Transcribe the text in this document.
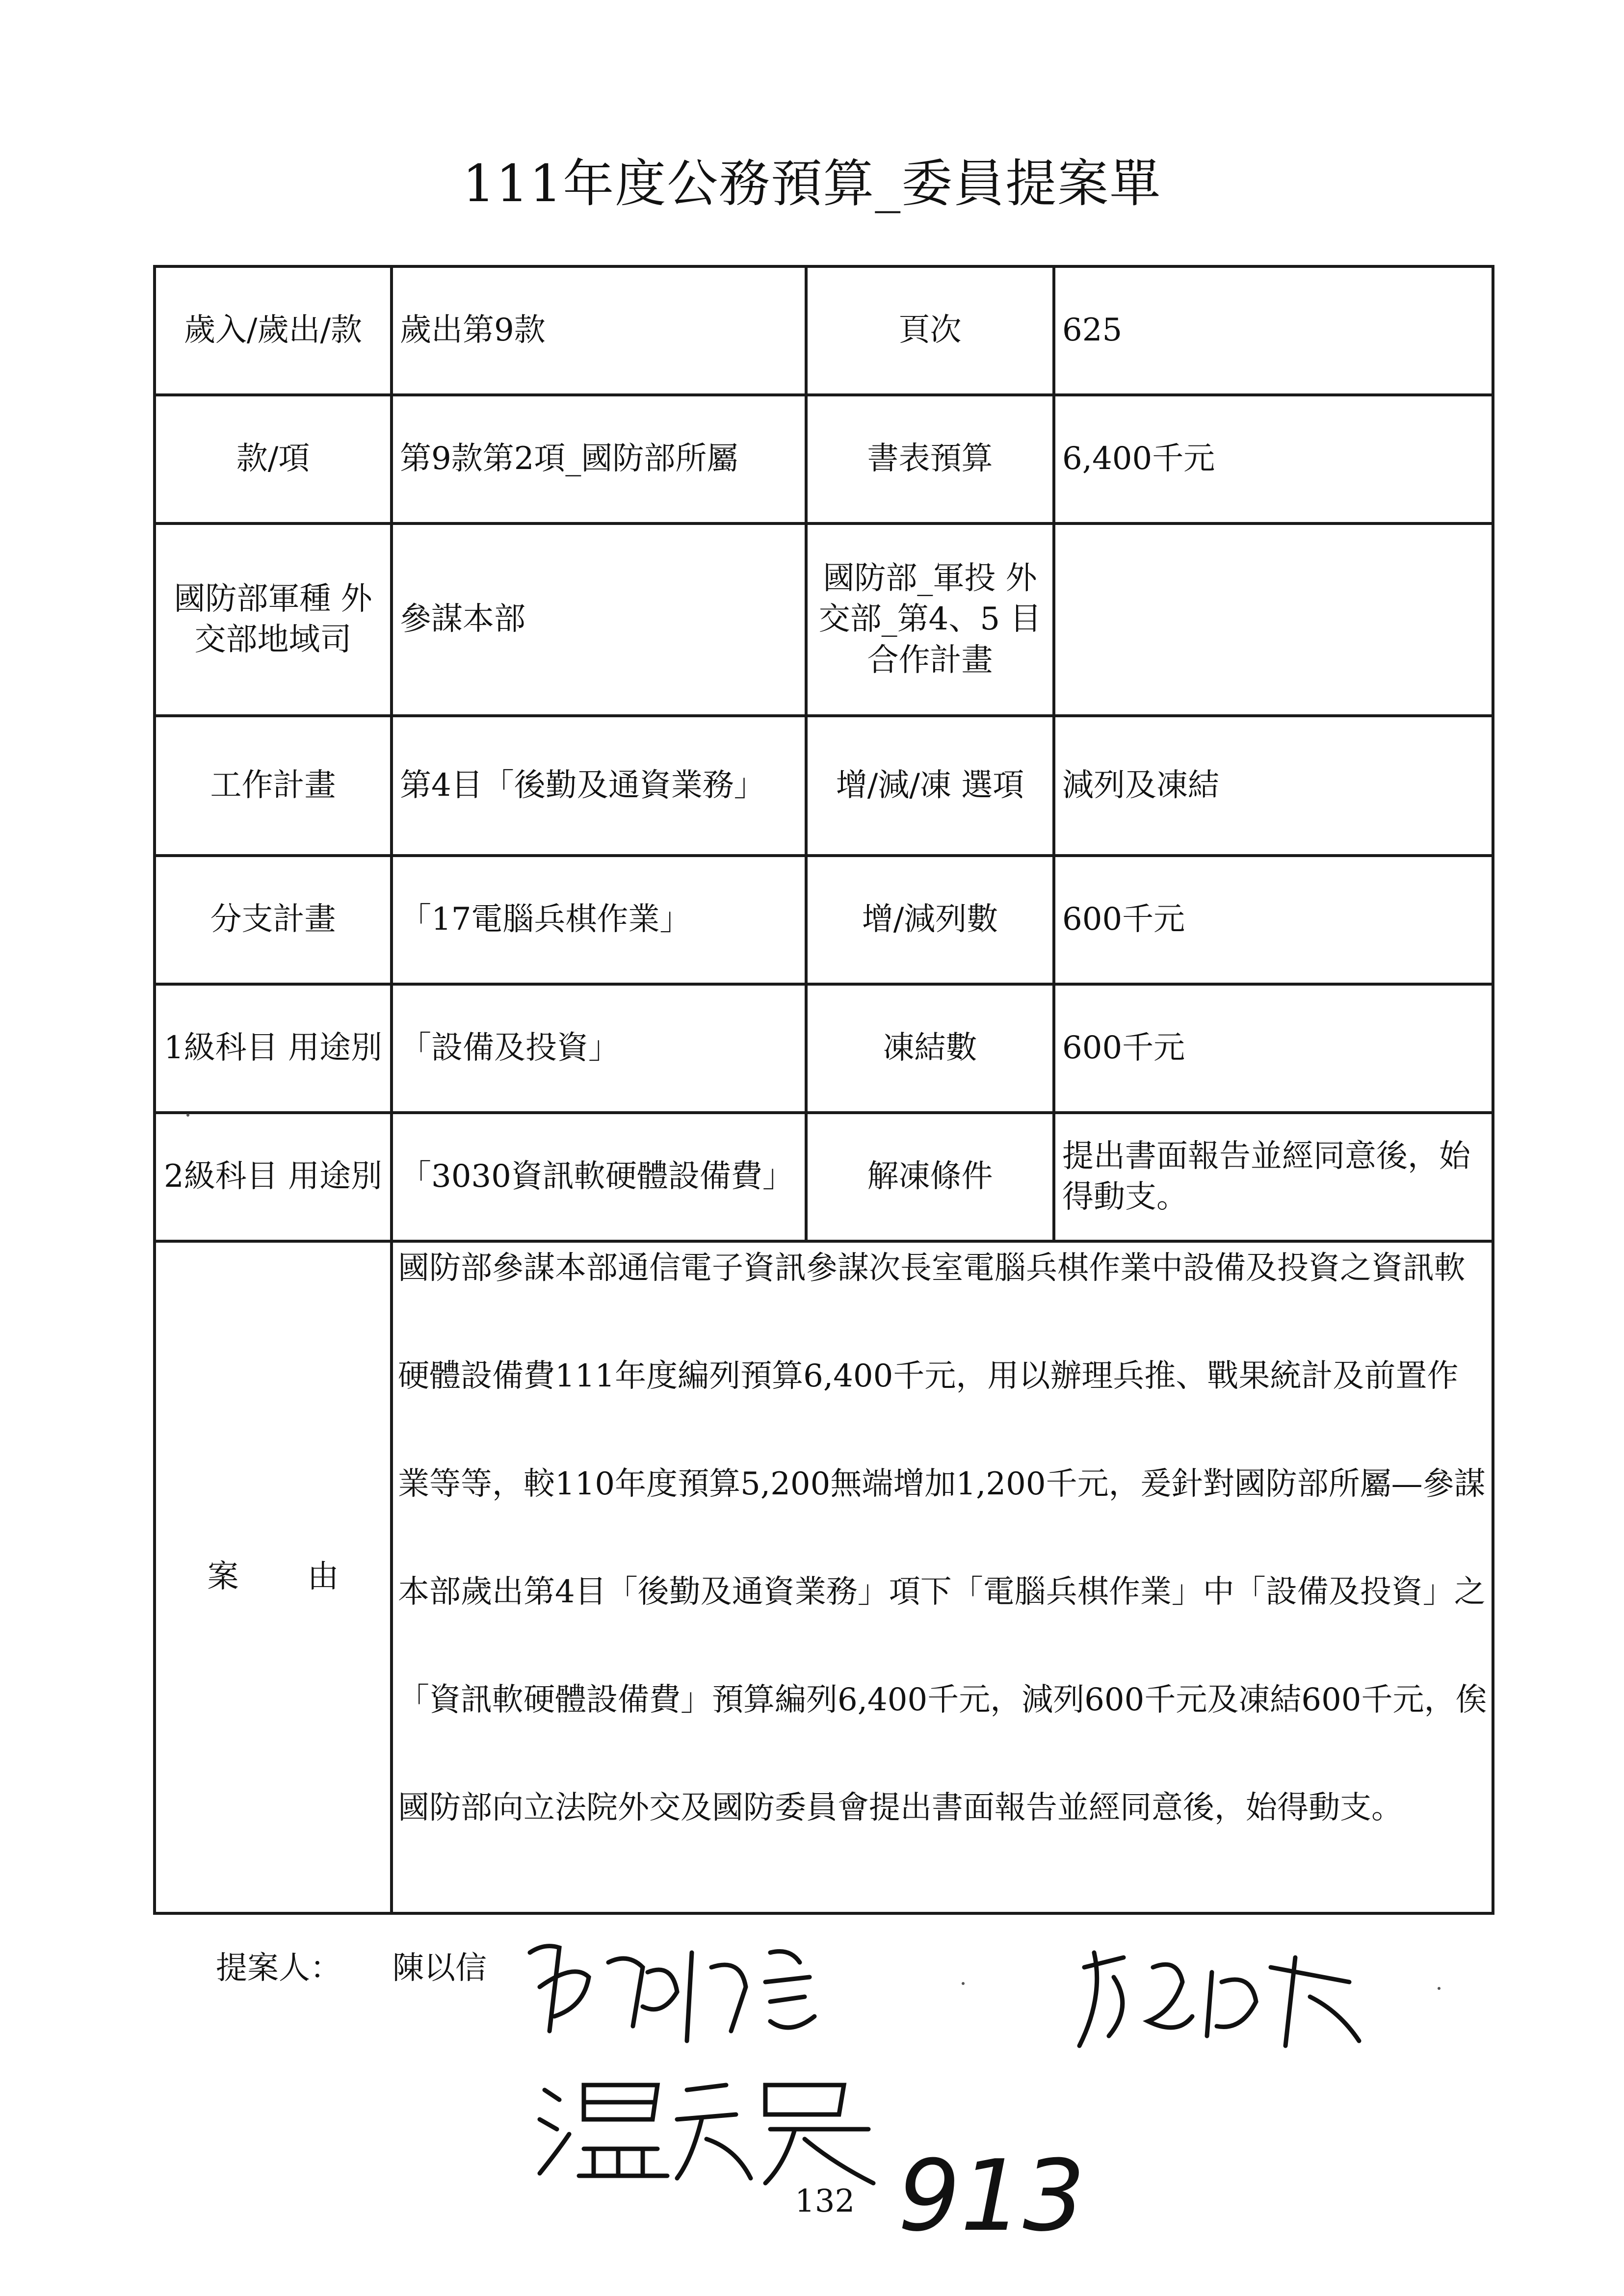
111年度公務預算_委員提案單
歲入/歲出/款	歲出第9款	頁次	625
款/項	第9款第2項_國防部所屬	書表預算	6,400千元
國防部軍種 外交部地域司	參謀本部	國防部_軍投 外交部_第4、5 目合作計畫	
工作計畫	第4目「後勤及通資業務」	增/減/凍 選項	減列及凍結
分支計畫	「17電腦兵棋作業」	增/減列數	600千元
1級科目 用途別	「設備及投資」	凍結數	600千元
2級科目 用途別	「3030資訊軟硬體設備費」	解凍條件	提出書面報告並經同意後，始得動支。
案 由	國防部參謀本部通信電子資訊參謀次長室電腦兵棋作業中設備及投資之資訊軟硬體設備費111年度編列預算6,400千元，用以辦理兵推、戰果統計及前置作業等等，較110年度預算5,200無端增加1,200千元，爰針對國防部所屬—參謀本部歲出第4目「後勤及通資業務」項下「電腦兵棋作業」中「設備及投資」之「資訊軟硬體設備費」預算編列6,400千元，減列600千元及凍結600千元，俟國防部向立法院外交及國防委員會提出書面報告並經同意後，始得動支。		
提案人： 陳以信
132 913
